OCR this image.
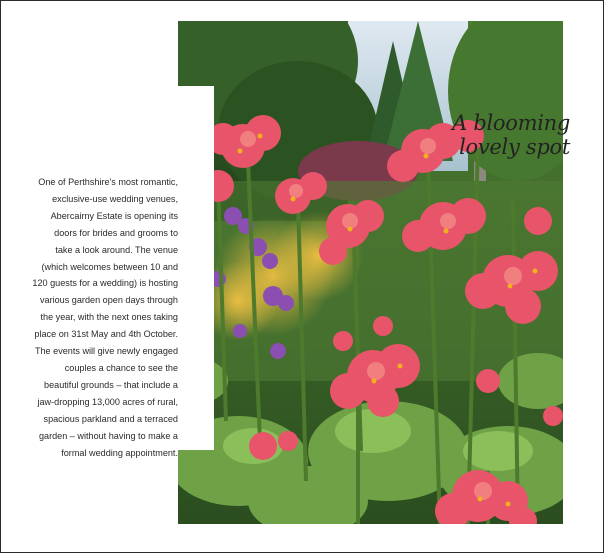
A blooming
lovely spot
One of Perthshire's most romantic,
exclusive-use wedding venues,
Abercairny Estate is opening its
doors for brides and grooms to
take a look around. The venue
(which welcomes between 10 and
120 guests for a wedding) is hosting
various garden open days through
the year, with the next ones taking
place on 31st May and 4th October.
The events will give newly engaged
couples a chance to see the
beautiful grounds – that include a
jaw-dropping 13,000 acres of rural,
spacious parkland and a terraced
garden – without having to make a
formal wedding appointment.
